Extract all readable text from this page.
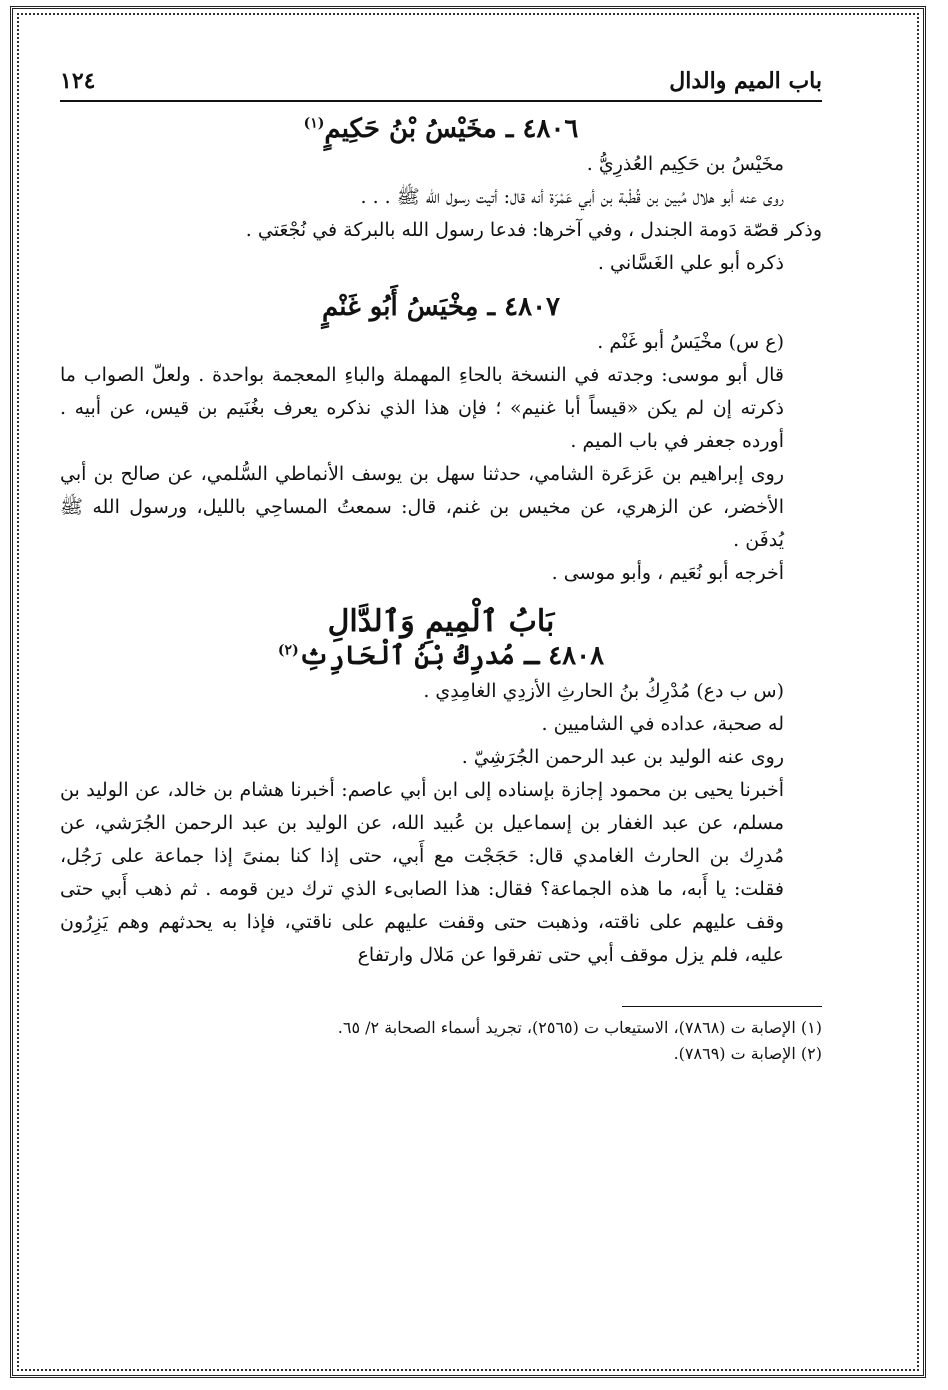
باب الميم والدال
١٢٤
٤٨٠٦ ـ مخَيْسُ بْنُ حَكِيمٍ$^{(١)}$

مخَيْسُ بن حَكِيم العُذرِيُّ .

روى عنه أبو هلال مُبين بن قُطْبة بن أبي عَمْرَة أنه قال: أتيت رسول الله ﷺ . . .

وذكر قصّة دَومة الجندل ، وفي آخرها: فدعا رسول الله بالبركة في نُجْعَتي .

ذكره أبو علي الغَسَّاني .

٤٨٠٧ ـ مِخْيَسُ أَبُو غَنْمٍ

(ع س) مخْيَسُ أبو غَنْم .

قال أبو موسى: وجدته في النسخة بالحاءِ المهملة والباءِ المعجمة بواحدة . ولعلّ الصواب ما ذكرته إن لم يكن «قيساً أبا غنيم» ؛ فإن هذا الذي نذكره يعرف بغُنَيم بن قيس، عن أبيه . أورده جعفر في باب الميم .

روى إبراهيم بن عَزعَرة الشامي، حدثنا سهل بن يوسف الأنماطي السُّلمي، عن صالح بن أبي الأخضر، عن الزهري، عن مخيس بن غنم، قال: سمعتُ المساحِي بالليل، ورسول الله ﷺ يُدفَن .

أخرجه أبو نُعَيم ، وأبو موسى .

بَابُ ٱلْمِيمِ وَٱلدَّالِ
٤٨٠٨ ـ مُدرِكُ بْنُ ٱلْحَارِثِ$^{(٢)}$

(س ب دع) مُدْرِكُ بنُ الحارثِ الأزدِي الغامِدِي .

له صحبة، عداده في الشاميين .

روى عنه الوليد بن عبد الرحمن الجُرَشِيّ .

أخبرنا يحيى بن محمود إجازة بإسناده إلى ابن أبي عاصم: أخبرنا هشام بن خالد، عن الوليد بن مسلم، عن عبد الغفار بن إسماعيل بن عُبيد الله، عن الوليد بن عبد الرحمن الجُرَشي، عن مُدرِك بن الحارث الغامدي قال: حَجَجْت مع أَبي، حتى إذا كنا بمنىً إذا جماعة على رَجُل، فقلت: يا أَبه، ما هذه الجماعة؟ فقال: هذا الصابىء الذي ترك دين قومه . ثم ذهب أَبي حتى وقف عليهم على ناقته، وذهبت حتى وقفت عليهم على ناقتي، فإذا به يحدثهم وهم يَزِرُون عليه، فلم يزل موقف أبي حتى تفرقوا عن مَلال وارتفاع

(١) الإصابة ت (٧٨٦٨)، الاستيعاب ت (٢٥٦٥)، تجريد أسماء الصحابة ٢/ ٦٥.

(٢) الإصابة ت (٧٨٦٩).
